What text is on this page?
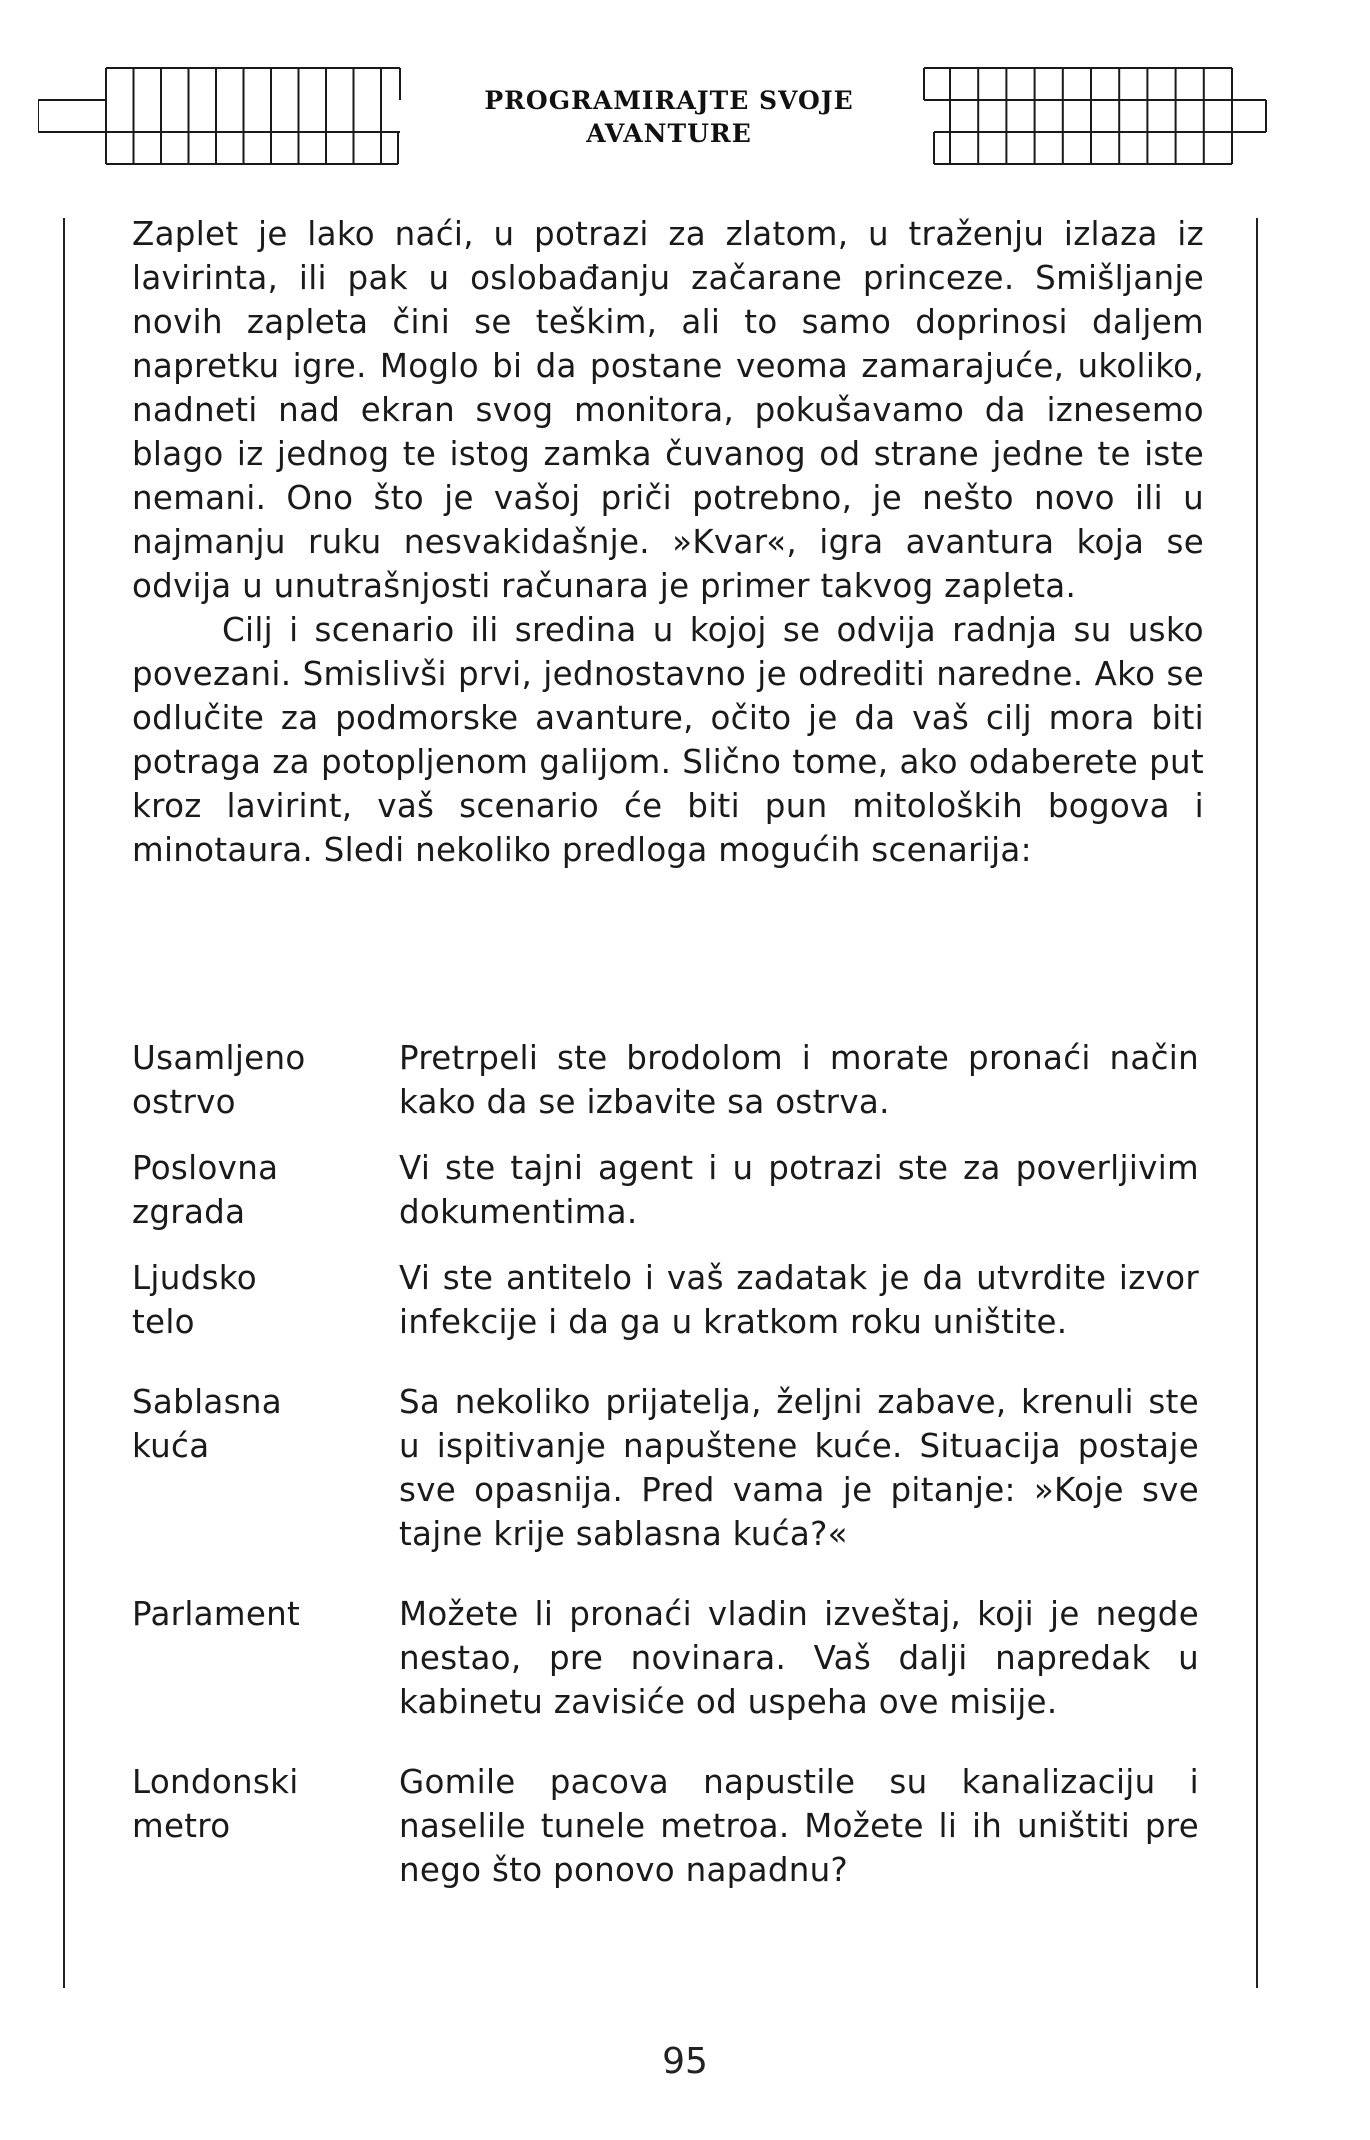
PROGRAMIRAJTE SVOJE
AVANTURE

Zaplet je lako naći, u potrazi za zlatom, u traženju izlaza iz lavirinta, ili pak u oslobađanju začarane princeze. Smišljanje novih zapleta čini se teškim, ali to samo doprinosi daljem napretku igre. Moglo bi da postane veoma zamarajuće, ukoliko, nadneti nad ekran svog monitora, pokušavamo da iznesemo blago iz jednog te istog zamka čuvanog od strane jedne te iste nemani. Ono što je vašoj priči potrebno, je nešto novo ili u najmanju ruku nesvakidašnje. »Kvar«, igra avantura koja se odvija u unutrašnjosti računara je primer takvog zapleta.

Cilj i scenario ili sredina u kojoj se odvija radnja su usko povezani. Smislivši prvi, jednostavno je odrediti naredne. Ako se odlučite za podmorske avanture, očito je da vaš cilj mora biti potraga za potopljenom galijom. Slično tome, ako odaberete put kroz lavirint, vaš scenario će biti pun mitoloških bogova i minotaura. Sledi nekoliko predloga mogućih scenarija:

Usamljeno
ostrvo
Pretrpeli ste brodolom i morate pronaći način kako da se izbavite sa ostrva.
Poslovna
zgrada
Vi ste tajni agent i u potrazi ste za poverljivim dokumentima.
Ljudsko
telo
Vi ste antitelo i vaš zadatak je da utvrdite izvor infekcije i da ga u kratkom roku uništite.
Sablasna
kuća
Sa nekoliko prijatelja, željni zabave, krenuli ste u ispitivanje napuštene kuće. Situacija postaje sve opasnija. Pred vama je pitanje: »Koje sve tajne krije sablasna kuća?«
Parlament	Možete li pronaći vladin izveštaj, koji je negde nestao, pre novinara. Vaš dalji napredak u kabinetu zavisiće od uspeha ove misije.
Londonski
metro
Gomile pacova napustile su kanalizaciju i naselile tunele metroa. Možete li ih uništiti pre nego što ponovo napadnu?
95
